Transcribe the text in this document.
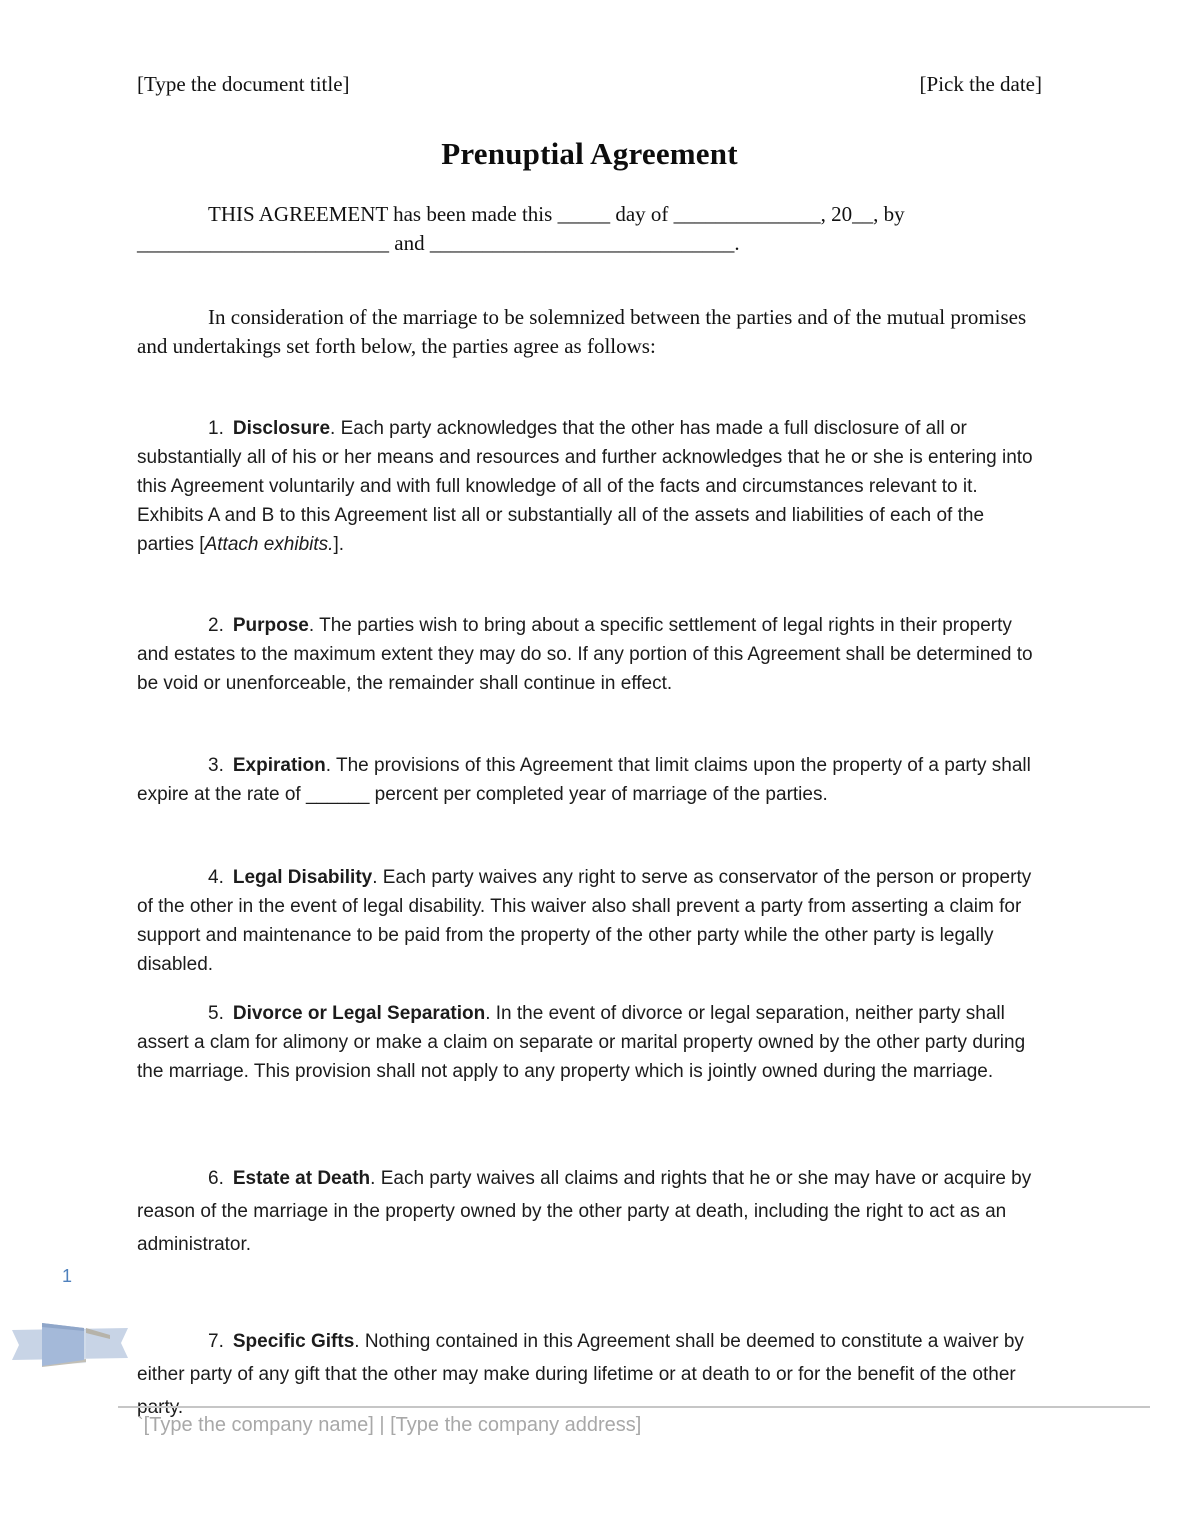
[Type the document title]	[Pick the date]
Prenuptial Agreement
THIS AGREEMENT has been made this _____ day of ______________, 20__, by
________________________ and _____________________________.
In consideration of the marriage to be solemnized between the parties and of the mutual promises and undertakings set forth below, the parties agree as follows:

1. Disclosure. Each party acknowledges that the other has made a full disclosure of all or substantially all of his or her means and resources and further acknowledges that he or she is entering into this Agreement voluntarily and with full knowledge of all of the facts and circumstances relevant to it. Exhibits A and B to this Agreement list all or substantially all of the assets and liabilities of each of the parties [Attach exhibits.].

2. Purpose. The parties wish to bring about a specific settlement of legal rights in their property and estates to the maximum extent they may do so. If any portion of this Agreement shall be determined to be void or unenforceable, the remainder shall continue in effect.

3. Expiration. The provisions of this Agreement that limit claims upon the property of a party shall expire at the rate of ______ percent per completed year of marriage of the parties.

4. Legal Disability. Each party waives any right to serve as conservator of the person or property of the other in the event of legal disability. This waiver also shall prevent a party from asserting a claim for support and maintenance to be paid from the property of the other party while the other party is legally disabled.

5. Divorce or Legal Separation. In the event of divorce or legal separation, neither party shall assert a clam for alimony or make a claim on separate or marital property owned by the other party during the marriage. This provision shall not apply to any property which is jointly owned during the marriage.

6. Estate at Death. Each party waives all claims and rights that he or she may have or acquire by reason of the marriage in the property owned by the other party at death, including the right to act as an administrator.

7. Specific Gifts. Nothing contained in this Agreement shall be deemed to constitute a waiver by either party of any gift that the other may make during lifetime or at death to or for the benefit of the other party.

1
`[Type the company name] | [Type the company address]
